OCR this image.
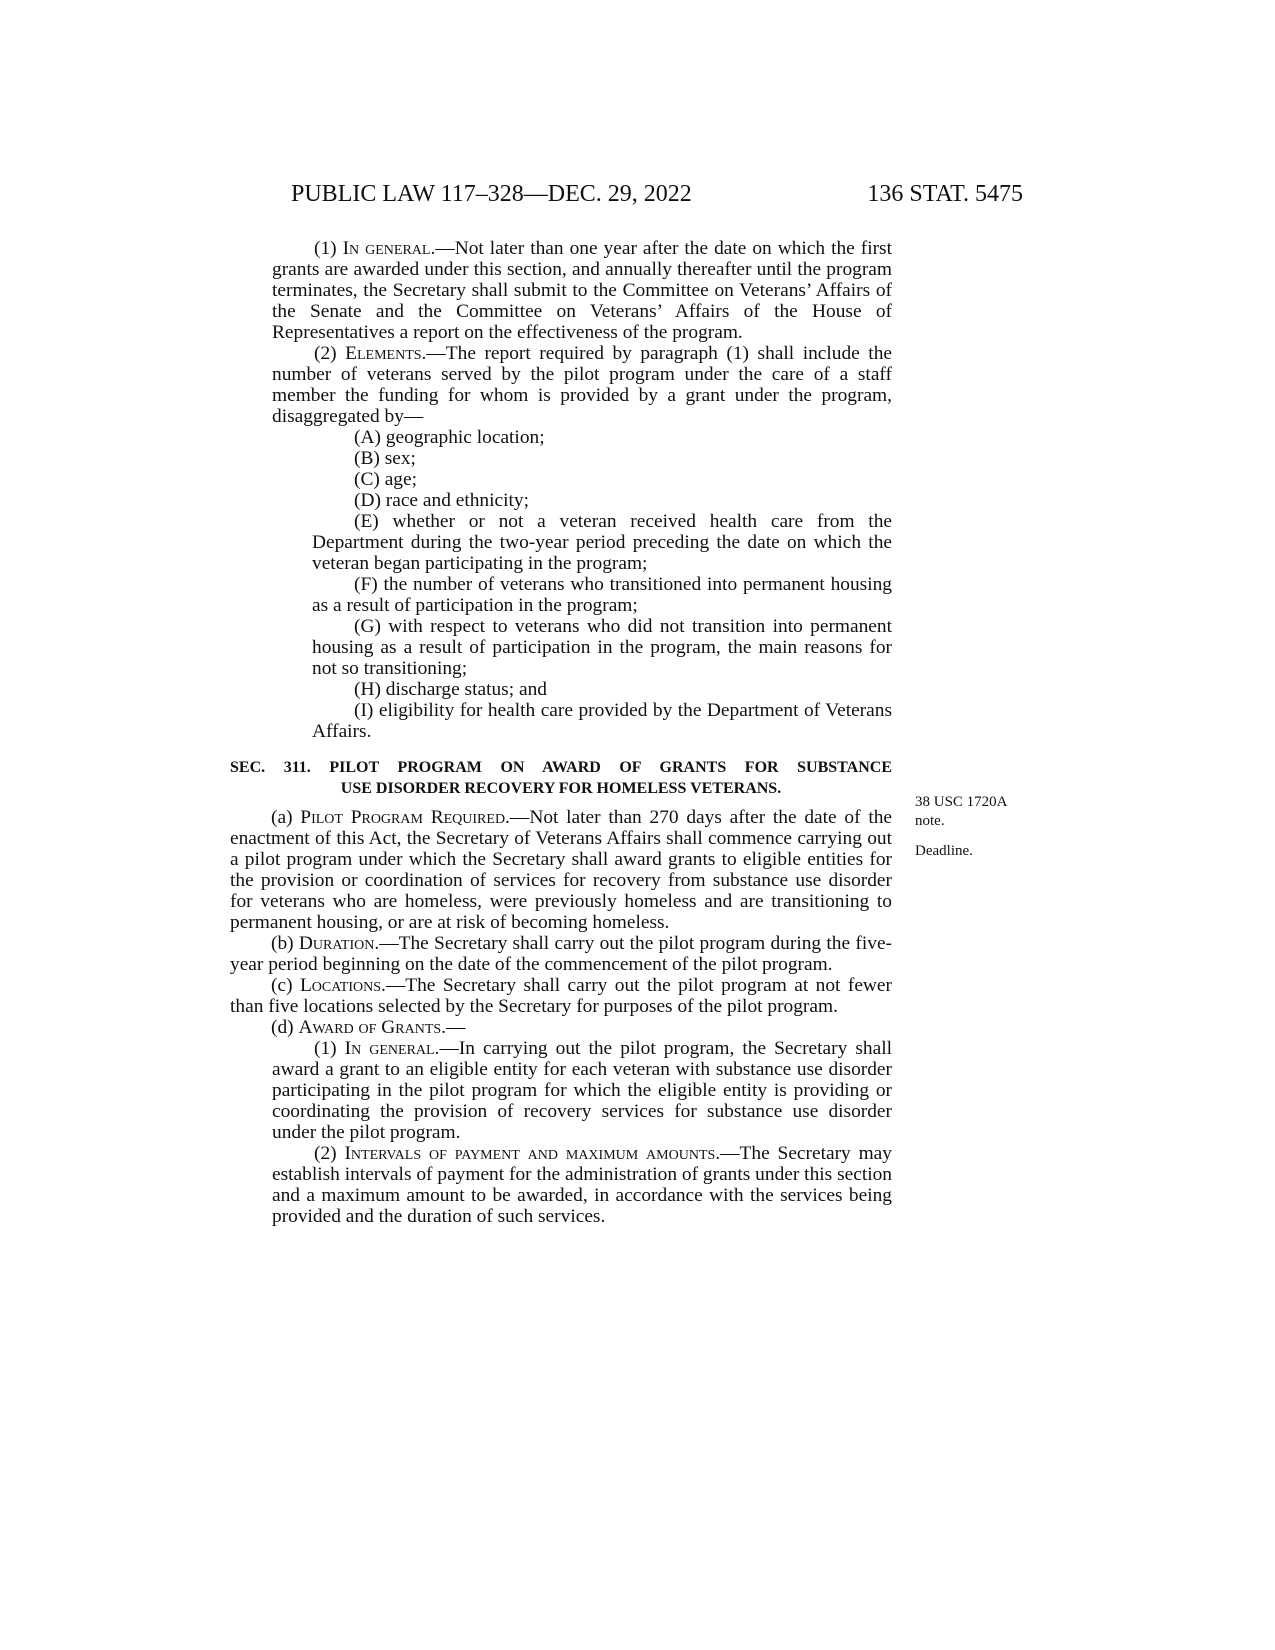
PUBLIC LAW 117–328—DEC. 29, 2022	136 STAT. 5475
38 USC 1720A
note.
Deadline.
(1) In general.—Not later than one year after the date on which the first grants are awarded under this section, and annually thereafter until the program terminates, the Secretary shall submit to the Committee on Veterans’ Affairs of the Senate and the Committee on Veterans’ Affairs of the House of Representatives a report on the effectiveness of the program.
(2) Elements.—The report required by paragraph (1) shall include the number of veterans served by the pilot program under the care of a staff member the funding for whom is provided by a grant under the program, disaggregated by—
(A) geographic location;
(B) sex;
(C) age;
(D) race and ethnicity;
(E) whether or not a veteran received health care from the Department during the two-year period preceding the date on which the veteran began participating in the program;
(F) the number of veterans who transitioned into permanent housing as a result of participation in the program;
(G) with respect to veterans who did not transition into permanent housing as a result of participation in the program, the main reasons for not so transitioning;
(H) discharge status; and
(I) eligibility for health care provided by the Department of Veterans Affairs.
SEC. 311. PILOT PROGRAM ON AWARD OF GRANTS FOR SUBSTANCE
USE DISORDER RECOVERY FOR HOMELESS VETERANS.
(a) Pilot Program Required.—Not later than 270 days after the date of the enactment of this Act, the Secretary of Veterans Affairs shall commence carrying out a pilot program under which the Secretary shall award grants to eligible entities for the provision or coordination of services for recovery from substance use disorder for veterans who are homeless, were previously homeless and are transitioning to permanent housing, or are at risk of becoming homeless.
(b) Duration.—The Secretary shall carry out the pilot program during the five-year period beginning on the date of the commencement of the pilot program.
(c) Locations.—The Secretary shall carry out the pilot program at not fewer than five locations selected by the Secretary for purposes of the pilot program.
(d) Award of Grants.—
(1) In general.—In carrying out the pilot program, the Secretary shall award a grant to an eligible entity for each veteran with substance use disorder participating in the pilot program for which the eligible entity is providing or coordinating the provision of recovery services for substance use disorder under the pilot program.
(2) Intervals of payment and maximum amounts.—The Secretary may establish intervals of payment for the administration of grants under this section and a maximum amount to be awarded, in accordance with the services being provided and the duration of such services.
